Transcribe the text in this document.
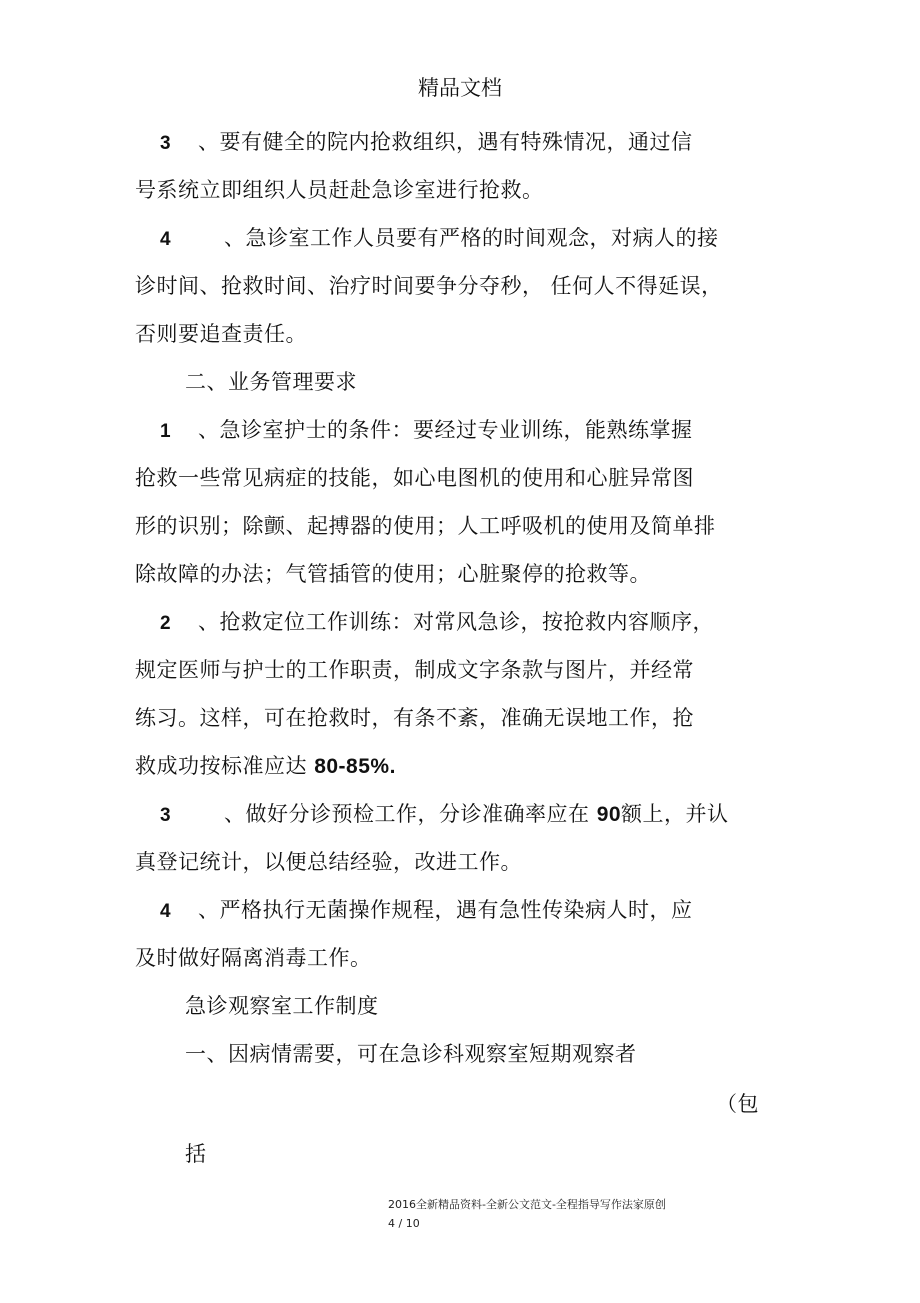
精品文档
3 、要有健全的院内抢救组织，遇有特殊情况，通过信
号系统立即组织人员赶赴急诊室进行抢救。
4	、急诊室工作人员要有严格的时间观念，对病人的接
诊时间、抢救时间、治疗时间要争分夺秒， 任何人不得延误，
否则要追查责任。
二、业务管理要求
1 、急诊室护士的条件：要经过专业训练，能熟练掌握
抢救一些常见病症的技能，如心电图机的使用和心脏异常图
形的识别；除颤、起搏器的使用；人工呼吸机的使用及简单排
除故障的办法；气管插管的使用；心脏聚停的抢救等。
2 、抢救定位工作训练：对常风急诊，按抢救内容顺序，
规定医师与护士的工作职责，制成文字条款与图片，并经常
练习。这样，可在抢救时，有条不紊，准确无误地工作，抢
救成功按标准应达 80-85%.
3	、做好分诊预检工作，分诊准确率应在 90额上，并认
真登记统计，以便总结经验，改进工作。
4 、严格执行无菌操作规程，遇有急性传染病人时，应
及时做好隔离消毒工作。
急诊观察室工作制度
一、因病情需要，可在急诊科观察室短期观察者
（包
括
2016全新精品资料-全新公文范文-全程指导写作法家原创
4 / 10
